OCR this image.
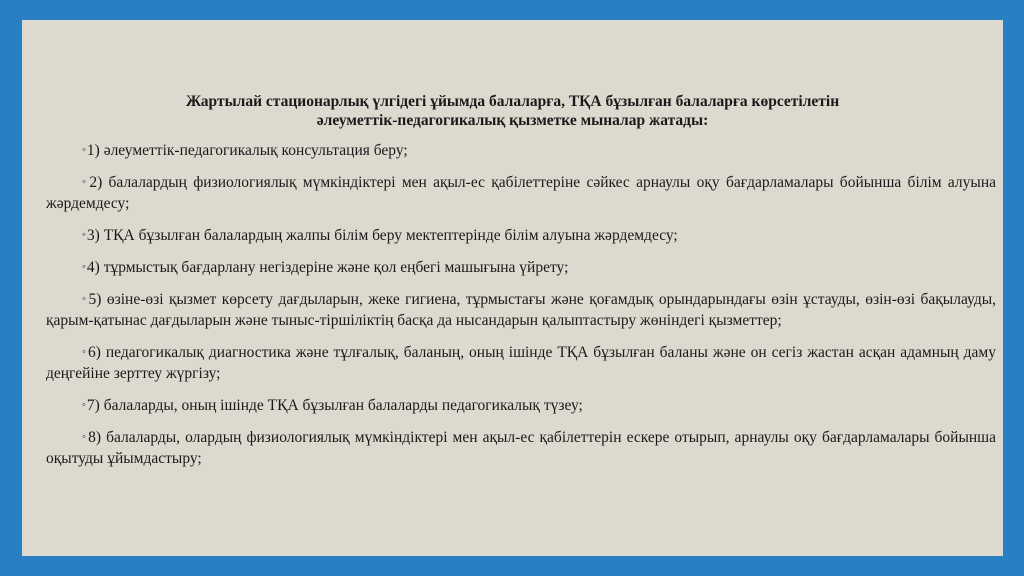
Жартылай стационарлық үлгідегі ұйымда балаларға, ТҚА бұзылған балаларға көрсетілетін
әлеуметтік-педагогикалық қызметке мыналар жатады:
◦1) әлеуметтік-педагогикалық консультация беру;
◦2) балалардың физиологиялық мүмкіндіктері мен ақыл-ес қабілеттеріне сәйкес арнаулы оқу бағдарламалары бойынша білім алуына жәрдемдесу;
◦3) ТҚА бұзылған балалардың жалпы білім беру мектептерінде білім алуына жәрдемдесу;
◦4) тұрмыстық бағдарлану негіздеріне және қол еңбегі машығына үйрету;
◦5) өзіне-өзі қызмет көрсету дағдыларын, жеке гигиена, тұрмыстағы және қоғамдық орындарындағы өзін ұстауды, өзін-өзі бақылауды, қарым-қатынас дағдыларын және тыныс-тіршіліктің басқа да нысандарын қалыптастыру жөніндегі қызметтер;
◦6) педагогикалық диагностика және тұлғалық, баланың, оның ішінде ТҚА бұзылған баланы және он сегіз жастан асқан адамның даму деңгейіне зерттеу жүргізу;
◦7) балаларды, оның ішінде ТҚА бұзылған балаларды педагогикалық түзеу;
◦8) балаларды, олардың физиологиялық мүмкіндіктері мен ақыл-ес қабілеттерін ескере отырып, арнаулы оқу бағдарламалары бойынша оқытуды ұйымдастыру;
